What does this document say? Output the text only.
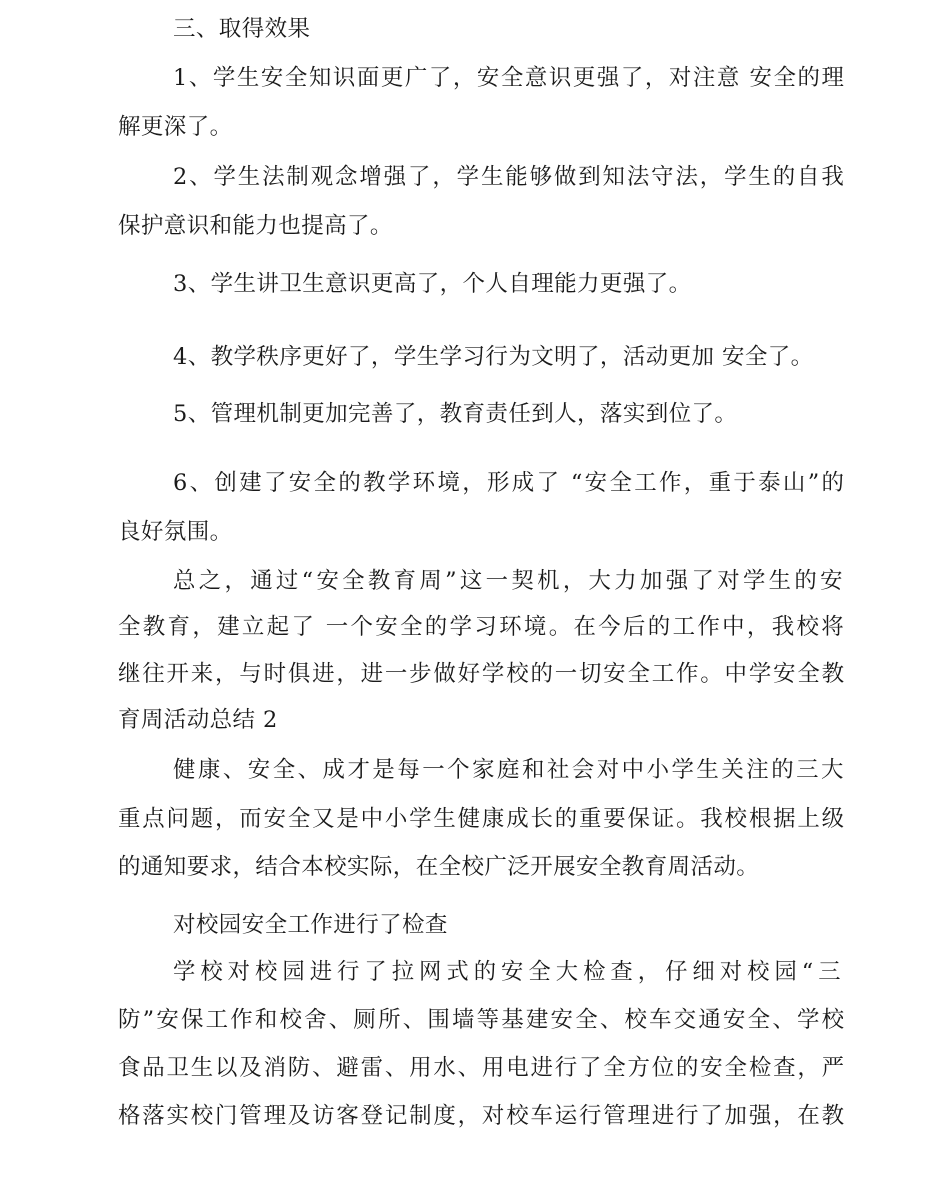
三、取得效果
1、学生安全知识面更广了，安全意识更强了，对注意 安全的理
解更深了。
2、学生法制观念增强了，学生能够做到知法守法，学生的自我
保护意识和能力也提高了。
3、学生讲卫生意识更高了，个人自理能力更强了。
4、教学秩序更好了，学生学习行为文明了，活动更加 安全了。
5、管理机制更加完善了，教育责任到人，落实到位了。
6、创建了安全的教学环境，形成了 “安全工作，重于泰山”的
良好氛围。
总之，通过“安全教育周”这一契机，大力加强了对学生的安
全教育，建立起了 一个安全的学习环境。在今后的工作中，我校将
继往开来，与时俱进，进一步做好学校的一切安全工作。中学安全教
育周活动总结 2
健康、安全、成才是每一个家庭和社会对中小学生关注的三大
重点问题，而安全又是中小学生健康成长的重要保证。我校根据上级
的通知要求，结合本校实际，在全校广泛开展安全教育周活动。
对校园安全工作进行了检查
学校对校园进行了拉网式的安全大检查，仔细对校园“三
防”安保工作和校舍、厕所、围墙等基建安全、校车交通安全、学校
食品卫生以及消防、避雷、用水、用电进行了全方位的安全检查，严
格落实校门管理及访客登记制度，对校车运行管理进行了加强，在教
